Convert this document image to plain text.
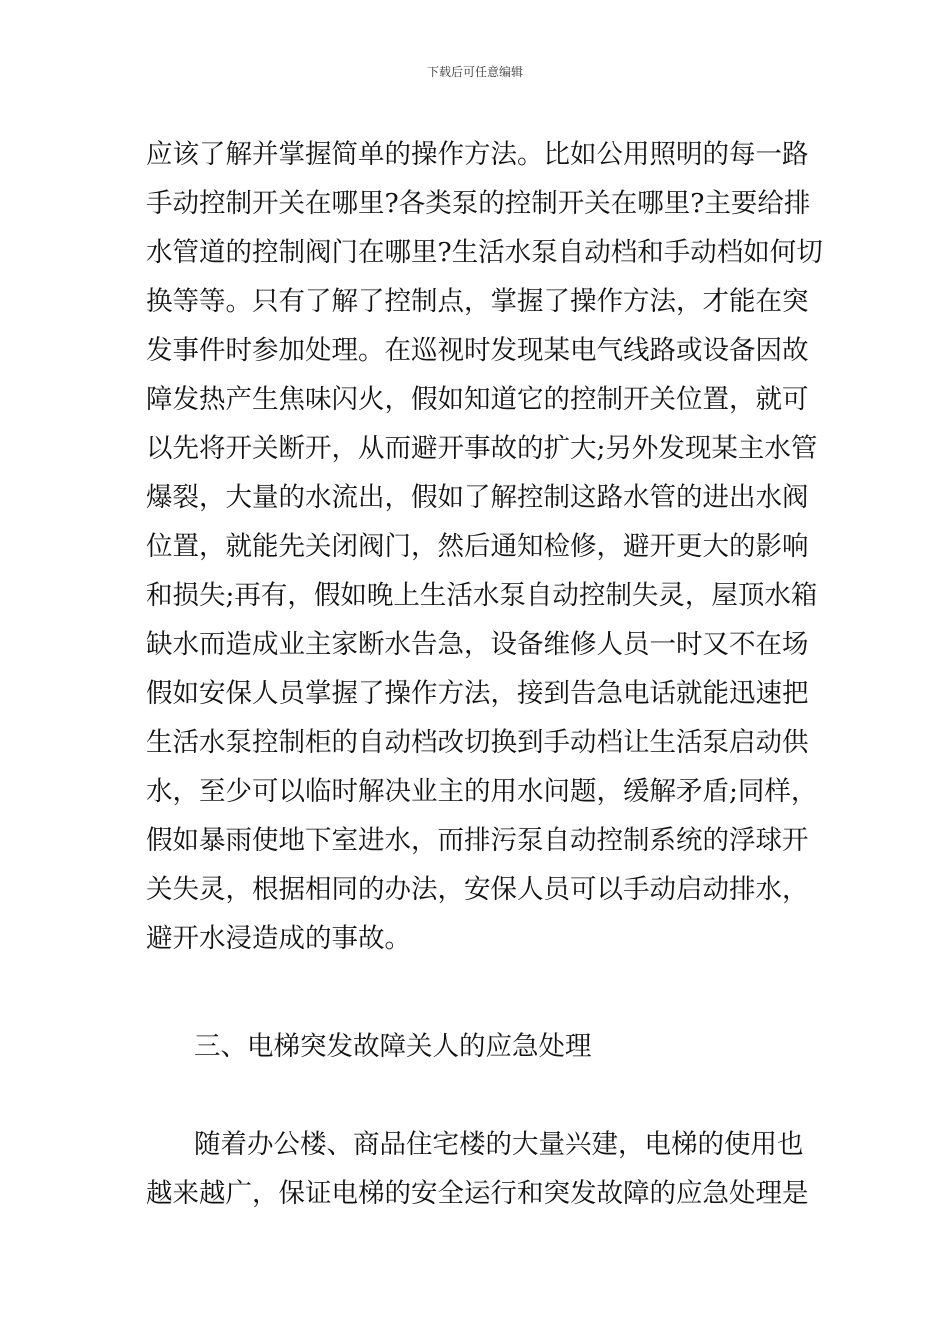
下载后可任意编辑
应该了解并掌握简单的操作方法。比如公用照明的每一路
手动控制开关在哪里?各类泵的控制开关在哪里?主要给排
水管道的控制阀门在哪里?生活水泵自动档和手动档如何切
换等等。只有了解了控制点，掌握了操作方法，才能在突
发事件时参加处理。在巡视时发现某电气线路或设备因故
障发热产生焦味闪火，假如知道它的控制开关位置，就可
以先将开关断开，从而避开事故的扩大;另外发现某主水管
爆裂，大量的水流出，假如了解控制这路水管的进出水阀
位置，就能先关闭阀门，然后通知检修，避开更大的影响
和损失;再有，假如晚上生活水泵自动控制失灵，屋顶水箱
缺水而造成业主家断水告急，设备维修人员一时又不在场
假如安保人员掌握了操作方法，接到告急电话就能迅速把
生活水泵控制柜的自动档改切换到手动档让生活泵启动供
水，至少可以临时解决业主的用水问题，缓解矛盾;同样，
假如暴雨使地下室进水，而排污泵自动控制系统的浮球开
关失灵，根据相同的办法，安保人员可以手动启动排水，
避开水浸造成的事故。
三、电梯突发故障关人的应急处理
随着办公楼、商品住宅楼的大量兴建，电梯的使用也
越来越广，保证电梯的安全运行和突发故障的应急处理是
